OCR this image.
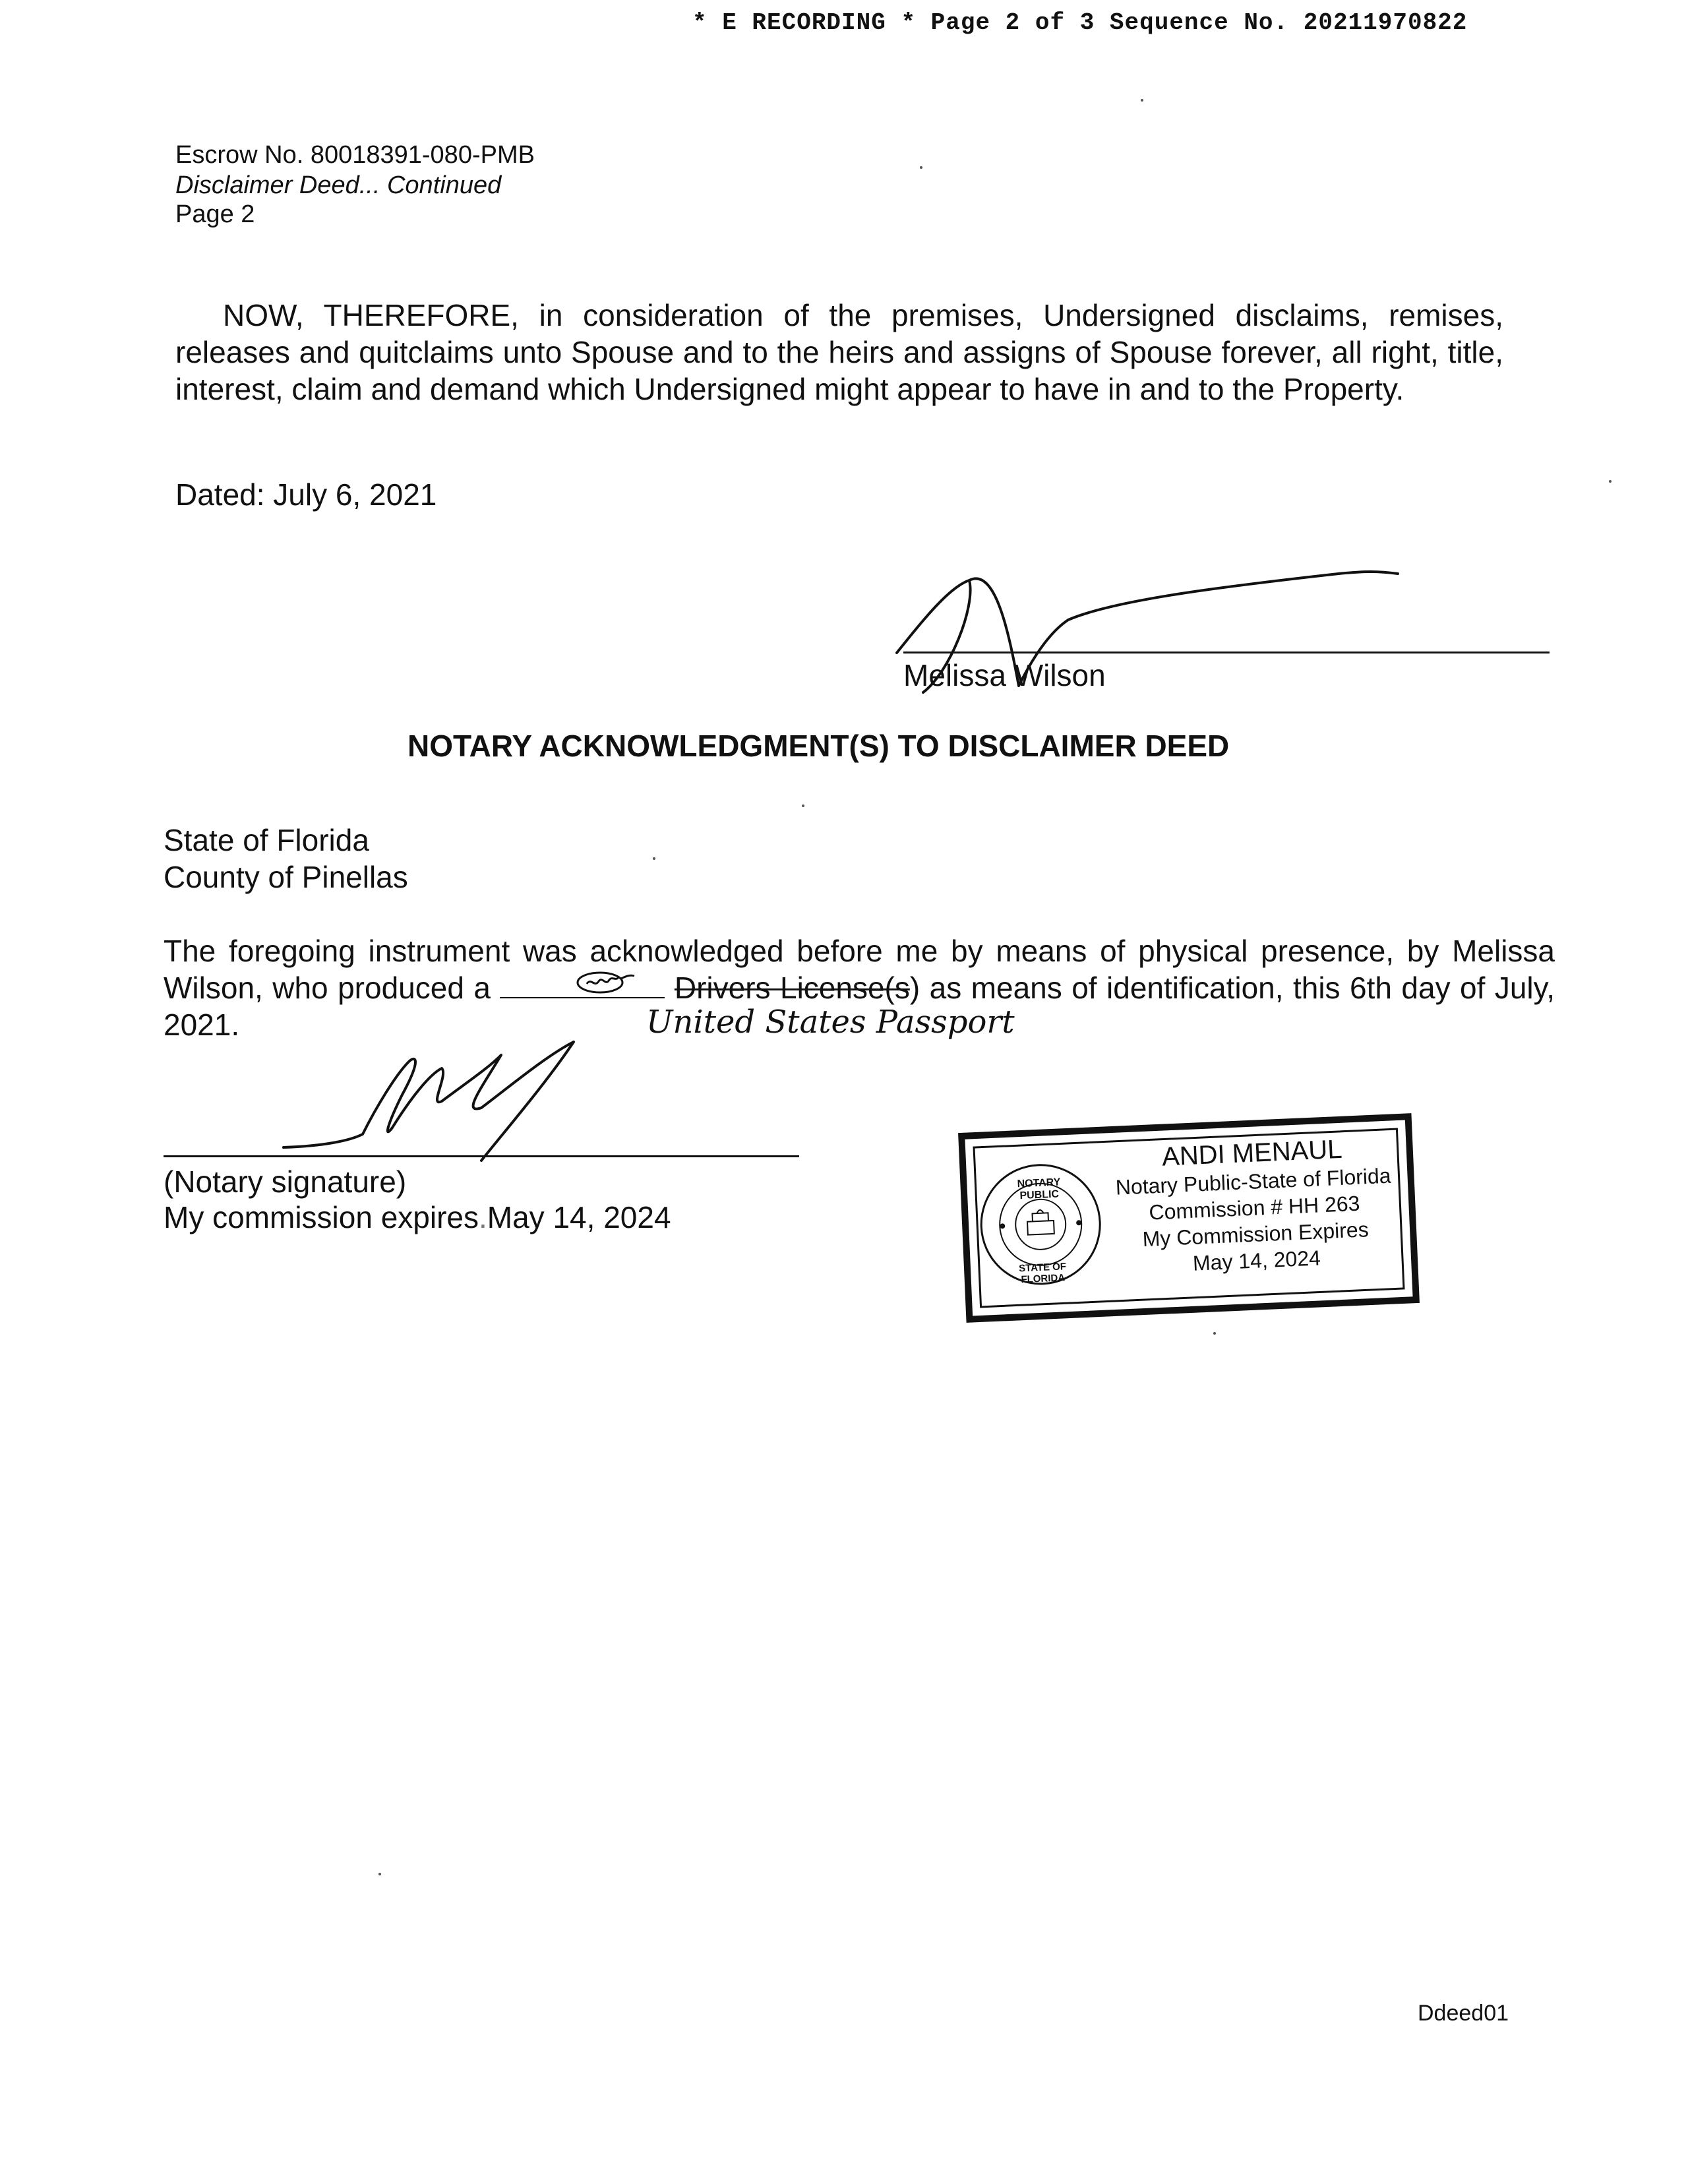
* E RECORDING * Page 2 of 3 Sequence No. 20211970822
Escrow No. 80018391-080-PMB
Disclaimer Deed... Continued
Page 2

NOW, THEREFORE, in consideration of the premises, Undersigned disclaims, remises, releases and quitclaims unto Spouse and to the heirs and assigns of Spouse forever, all right, title, interest, claim and demand which Undersigned might appear to have in and to the Property.

Dated: July 6, 2021
Melissa Wilson
NOTARY ACKNOWLEDGMENT(S) TO DISCLAIMER DEED
State of Florida
County of Pinellas

The foregoing instrument was acknowledged before me by means of physical presence, by Melissa Wilson, who produced a	Drivers License(s) as means of identification, this 6th day of July, 2021.	United States Passport
(Notary signature)
My commission expires.May 14, 2024
NOTARY PUBLIC
STATE OF FLORIDA
ANDI MENAUL
Notary Public-State of Florida
Commission # HH 263
My Commission Expires
May 14, 2024
Ddeed01
